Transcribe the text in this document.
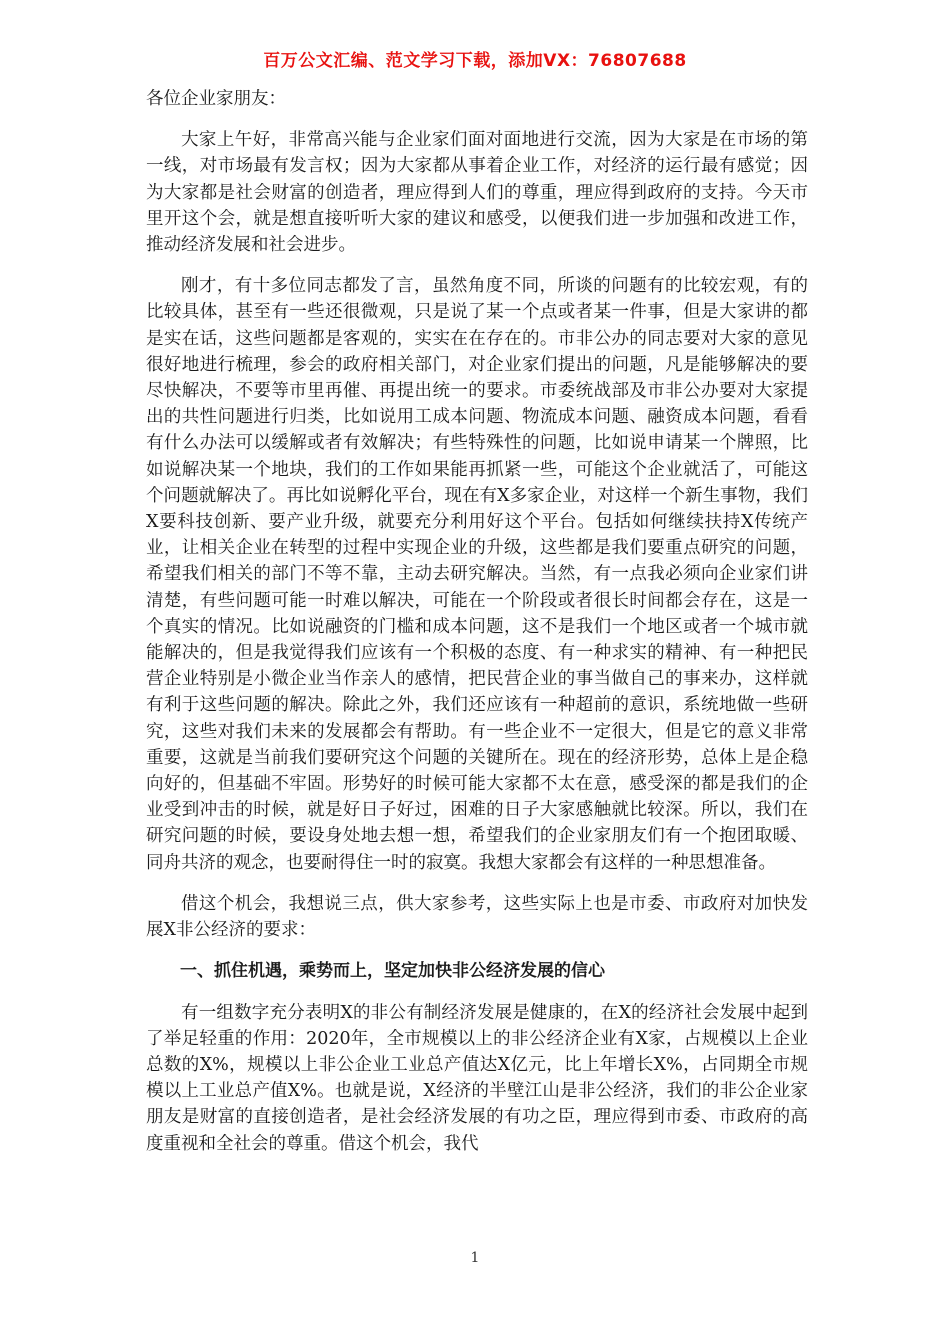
百万公文汇编、范文学习下载，添加VX：76807688

各位企业家朋友：

大家上午好，非常高兴能与企业家们面对面地进行交流，因为大家是在市场的第一线，对市场最有发言权；因为大家都从事着企业工作，对经济的运行最有感觉；因为大家都是社会财富的创造者，理应得到人们的尊重，理应得到政府的支持。今天市里开这个会，就是想直接听听大家的建议和感受，以便我们进一步加强和改进工作，推动经济发展和社会进步。

刚才，有十多位同志都发了言，虽然角度不同，所谈的问题有的比较宏观，有的比较具体，甚至有一些还很微观，只是说了某一个点或者某一件事，但是大家讲的都是实在话，这些问题都是客观的，实实在在存在的。市非公办的同志要对大家的意见很好地进行梳理，参会的政府相关部门，对企业家们提出的问题，凡是能够解决的要尽快解决，不要等市里再催、再提出统一的要求。市委统战部及市非公办要对大家提出的共性问题进行归类，比如说用工成本问题、物流成本问题、融资成本问题，看看有什么办法可以缓解或者有效解决；有些特殊性的问题，比如说申请某一个牌照，比如说解决某一个地块，我们的工作如果能再抓紧一些，可能这个企业就活了，可能这个问题就解决了。再比如说孵化平台，现在有X多家企业，对这样一个新生事物，我们X要科技创新、要产业升级，就要充分利用好这个平台。包括如何继续扶持X传统产业，让相关企业在转型的过程中实现企业的升级，这些都是我们要重点研究的问题，希望我们相关的部门不等不靠，主动去研究解决。当然，有一点我必须向企业家们讲清楚，有些问题可能一时难以解决，可能在一个阶段或者很长时间都会存在，这是一个真实的情况。比如说融资的门槛和成本问题，这不是我们一个地区或者一个城市就能解决的，但是我觉得我们应该有一个积极的态度、有一种求实的精神、有一种把民营企业特别是小微企业当作亲人的感情，把民营企业的事当做自己的事来办，这样就有利于这些问题的解决。除此之外，我们还应该有一种超前的意识，系统地做一些研究，这些对我们未来的发展都会有帮助。有一些企业不一定很大，但是它的意义非常重要，这就是当前我们要研究这个问题的关键所在。现在的经济形势，总体上是企稳向好的，但基础不牢固。形势好的时候可能大家都不太在意，感受深的都是我们的企业受到冲击的时候，就是好日子好过，困难的日子大家感触就比较深。所以，我们在研究问题的时候，要设身处地去想一想，希望我们的企业家朋友们有一个抱团取暖、同舟共济的观念，也要耐得住一时的寂寞。我想大家都会有这样的一种思想准备。

借这个机会，我想说三点，供大家参考，这些实际上也是市委、市政府对加快发展X非公经济的要求：

一、抓住机遇，乘势而上，坚定加快非公经济发展的信心

有一组数字充分表明X的非公有制经济发展是健康的，在X的经济社会发展中起到了举足轻重的作用：2020年，全市规模以上的非公经济企业有X家，占规模以上企业总数的X%，规模以上非公企业工业总产值达X亿元，比上年增长X%，占同期全市规模以上工业总产值X%。也就是说，X经济的半壁江山是非公经济，我们的非公企业家朋友是财富的直接创造者，是社会经济发展的有功之臣，理应得到市委、市政府的高度重视和全社会的尊重。借这个机会，我代

1
